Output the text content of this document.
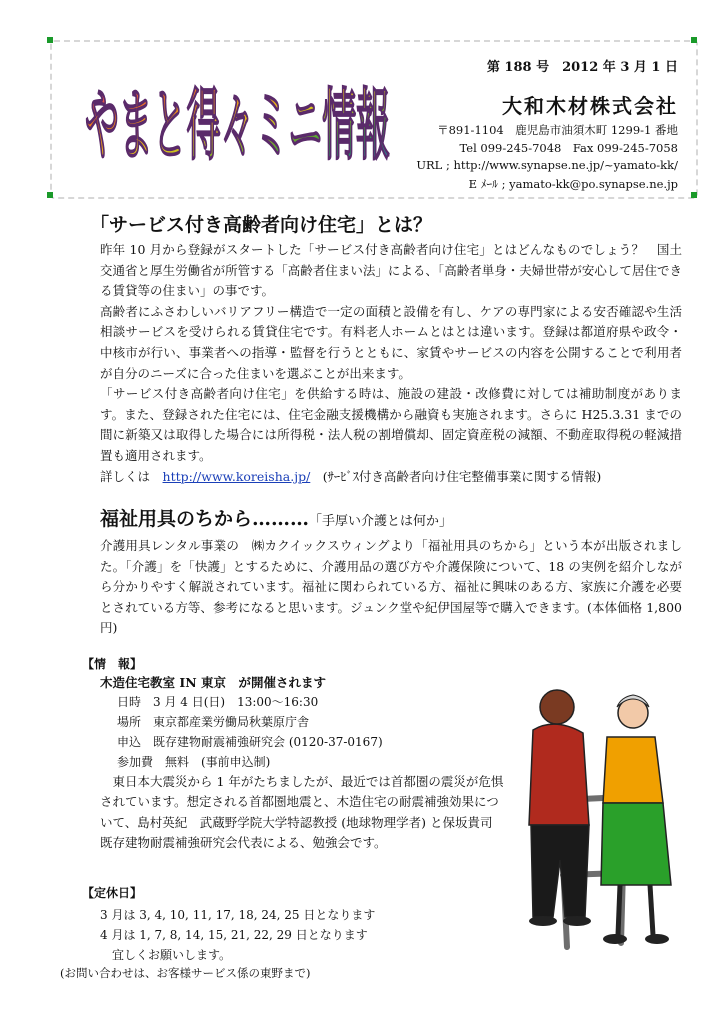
やまと得々ミニ情報
第 188 号　2012 年 3 月 1 日
大和木材株式会社
〒891-1104　鹿児島市油須木町 1299-1 番地
Tel 099-245-7048　Fax 099-245-7058
URL ; http://www.synapse.ne.jp/~yamato-kk/
E ﾒｰﾙ ; yamato-kk@po.synapse.ne.jp
「サービス付き高齢者向け住宅」とは？
昨年 10 月から登録がスタートした「サービス付き高齢者向け住宅」とはどんなものでしょう？　国土交通省と厚生労働省が所管する「高齢者住まい法」による、「高齢者単身・夫婦世帯が安心して居住できる賃貸等の住まい」の事です。
高齢者にふさわしいバリアフリー構造で一定の面積と設備を有し、ケアの専門家による安否確認や生活相談サービスを受けられる賃貸住宅です。有料老人ホームとはとは違います。登録は都道府県や政令・中核市が行い、事業者への指導・監督を行うとともに、家賃やサービスの内容を公開することで利用者が自分のニーズに合った住まいを選ぶことが出来ます。
「サービス付き高齢者向け住宅」を供給する時は、施設の建設・改修費に対しては補助制度があります。また、登録された住宅には、住宅金融支援機構から融資も実施されます。さらに H25.3.31 までの間に新築又は取得した場合には所得税・法人税の割増償却、固定資産税の減額、不動産取得税の軽減措置も適用されます。
詳しくは　http://www.koreisha.jp/　(ｻｰﾋﾞｽ付き高齢者向け住宅整備事業に関する情報)
福祉用具のちから………「手厚い介護とは何か」
介護用具レンタル事業の　㈱カクイックスウィングより「福祉用具のちから」という本が出版されました。「介護」を「快護」とするために、介護用品の選び方や介護保険について、18 の実例を紹介しながら分かりやすく解説されています。福祉に関わられている方、福祉に興味のある方、家族に介護を必要とされている方等、参考になると思います。ジュンク堂や紀伊国屋等で購入できます。(本体価格 1,800 円)
【情　報】
木造住宅教室 IN 東京　が開催されます
日時　3 月 4 日(日)　13:00～16:30
場所　東京都産業労働局秋葉原庁舎
申込　既存建物耐震補強研究会 (0120-37-0167)
参加費　無料　(事前申込制)
　東日本大震災から 1 年がたちましたが、最近では首都圏の震災が危惧されています。想定される首都圏地震と、木造住宅の耐震補強効果について、島村英紀　武蔵野学院大学特認教授 (地球物理学者) と保坂貴司　既存建物耐震補強研究会代表による、勉強会です。
【定休日】
3 月は 3, 4, 10, 11, 17, 18, 24, 25 日となります
4 月は 1, 7, 8, 14, 15, 21, 22, 29 日となります
宜しくお願いします。
(お問い合わせは、お客様サービス係の東野まで)
